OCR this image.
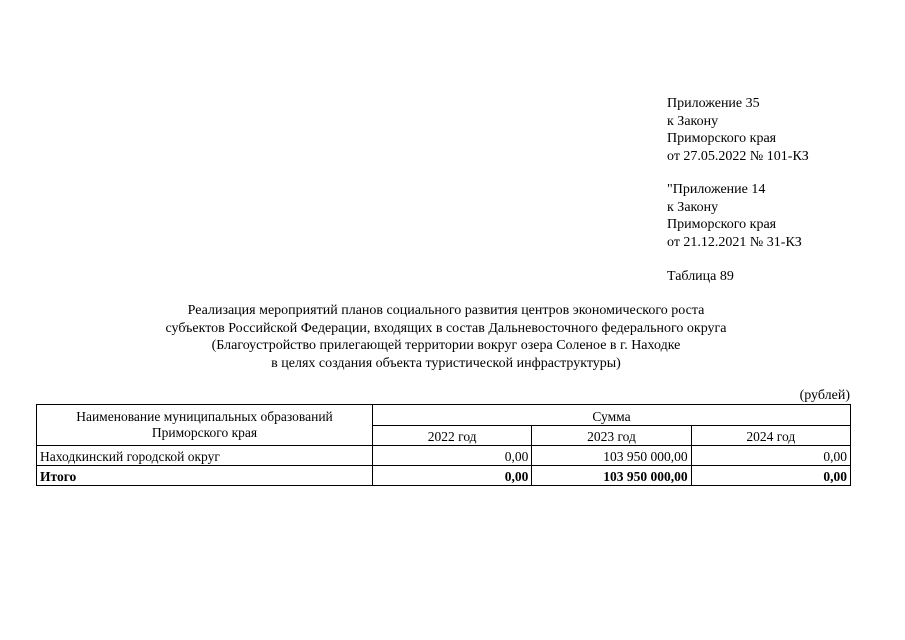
Приложение 35
к Закону
Приморского края
от 27.05.2022 № 101-КЗ
"Приложение 14
к Закону
Приморского края
от 21.12.2021 № 31-КЗ
Таблица 89
Реализация мероприятий планов социального развития центров экономического роста
субъектов Российской Федерации, входящих в состав Дальневосточного федерального округа
(Благоустройство прилегающей территории вокруг озера Соленое в г. Находке
в целях создания объекта туристической инфраструктуры)
(рублей)
Наименование муниципальных образований Приморского края	Сумма		
	2022 год	2023 год	2024 год
Находкинский городской округ	0,00	103 950 000,00	0,00
Итого	0,00	103 950 000,00	0,00
